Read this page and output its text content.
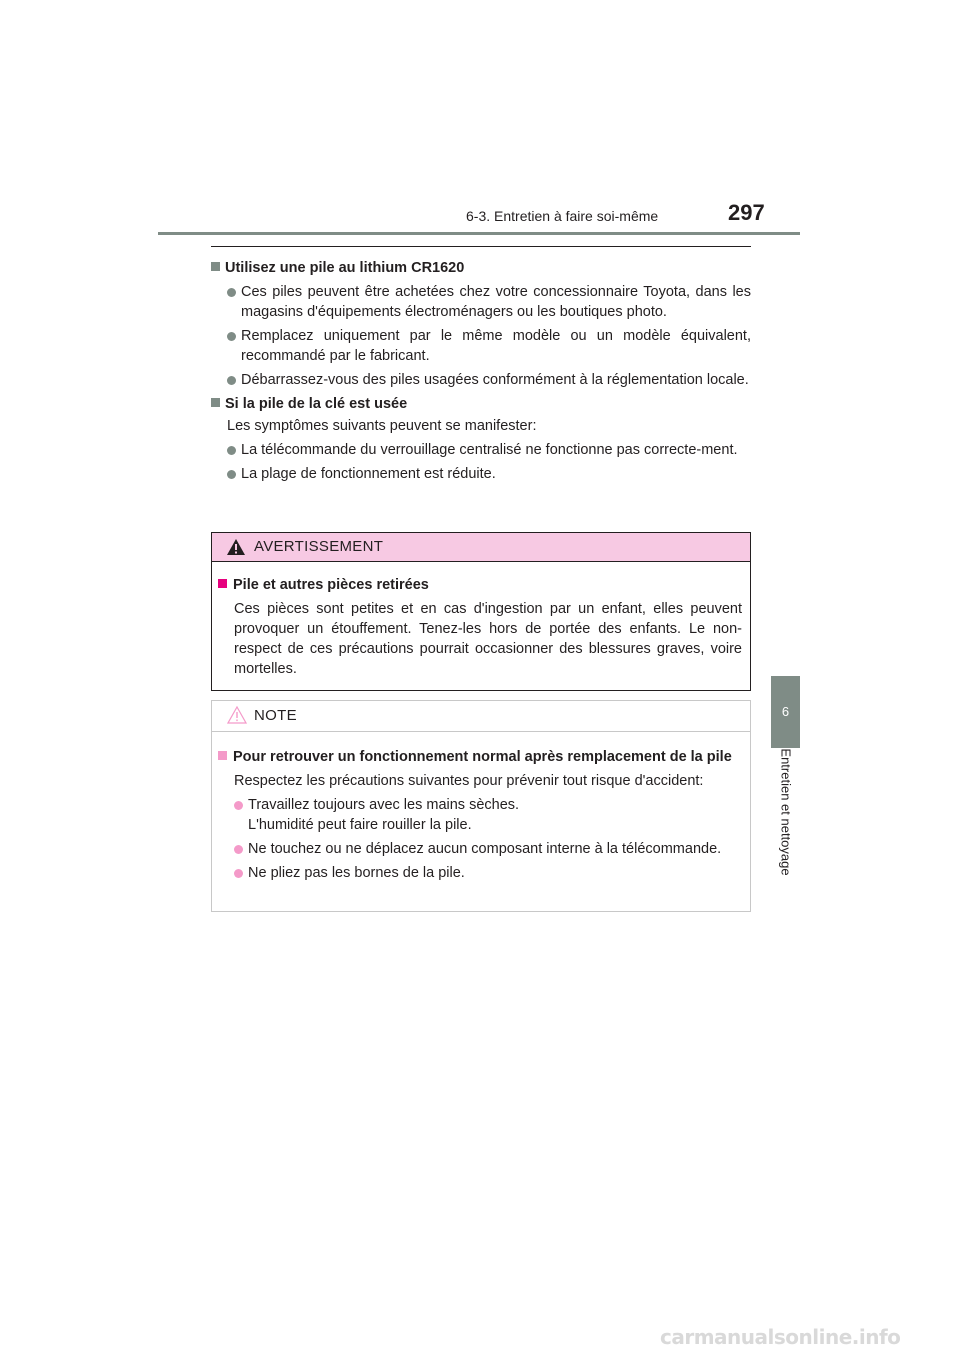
6-3. Entretien à faire soi-même	297
6
Entretien et nettoyage
Utilisez une pile au lithium CR1620
Ces piles peuvent être achetées chez votre concessionnaire Toyota, dans les magasins d'équipements électroménagers ou les boutiques photo.
Remplacez uniquement par le même modèle ou un modèle équivalent, recommandé par le fabricant.
Débarrassez-vous des piles usagées conformément à la réglementation locale.
Si la pile de la clé est usée
Les symptômes suivants peuvent se manifester:
La télécommande du verrouillage centralisé ne fonctionne pas correcte-ment.
La plage de fonctionnement est réduite.
AVERTISSEMENT
Pile et autres pièces retirées
Ces pièces sont petites et en cas d'ingestion par un enfant, elles peuvent provoquer un étouffement. Tenez-les hors de portée des enfants. Le non-respect de ces précautions pourrait occasionner des blessures graves, voire mortelles.
NOTE
Pour retrouver un fonctionnement normal après remplacement de la pile
Respectez les précautions suivantes pour prévenir tout risque d'accident:
Travaillez toujours avec les mains sèches.
L'humidité peut faire rouiller la pile.
Ne touchez ou ne déplacez aucun composant interne à la télécommande.
Ne pliez pas les bornes de la pile.
carmanualsonline.info
